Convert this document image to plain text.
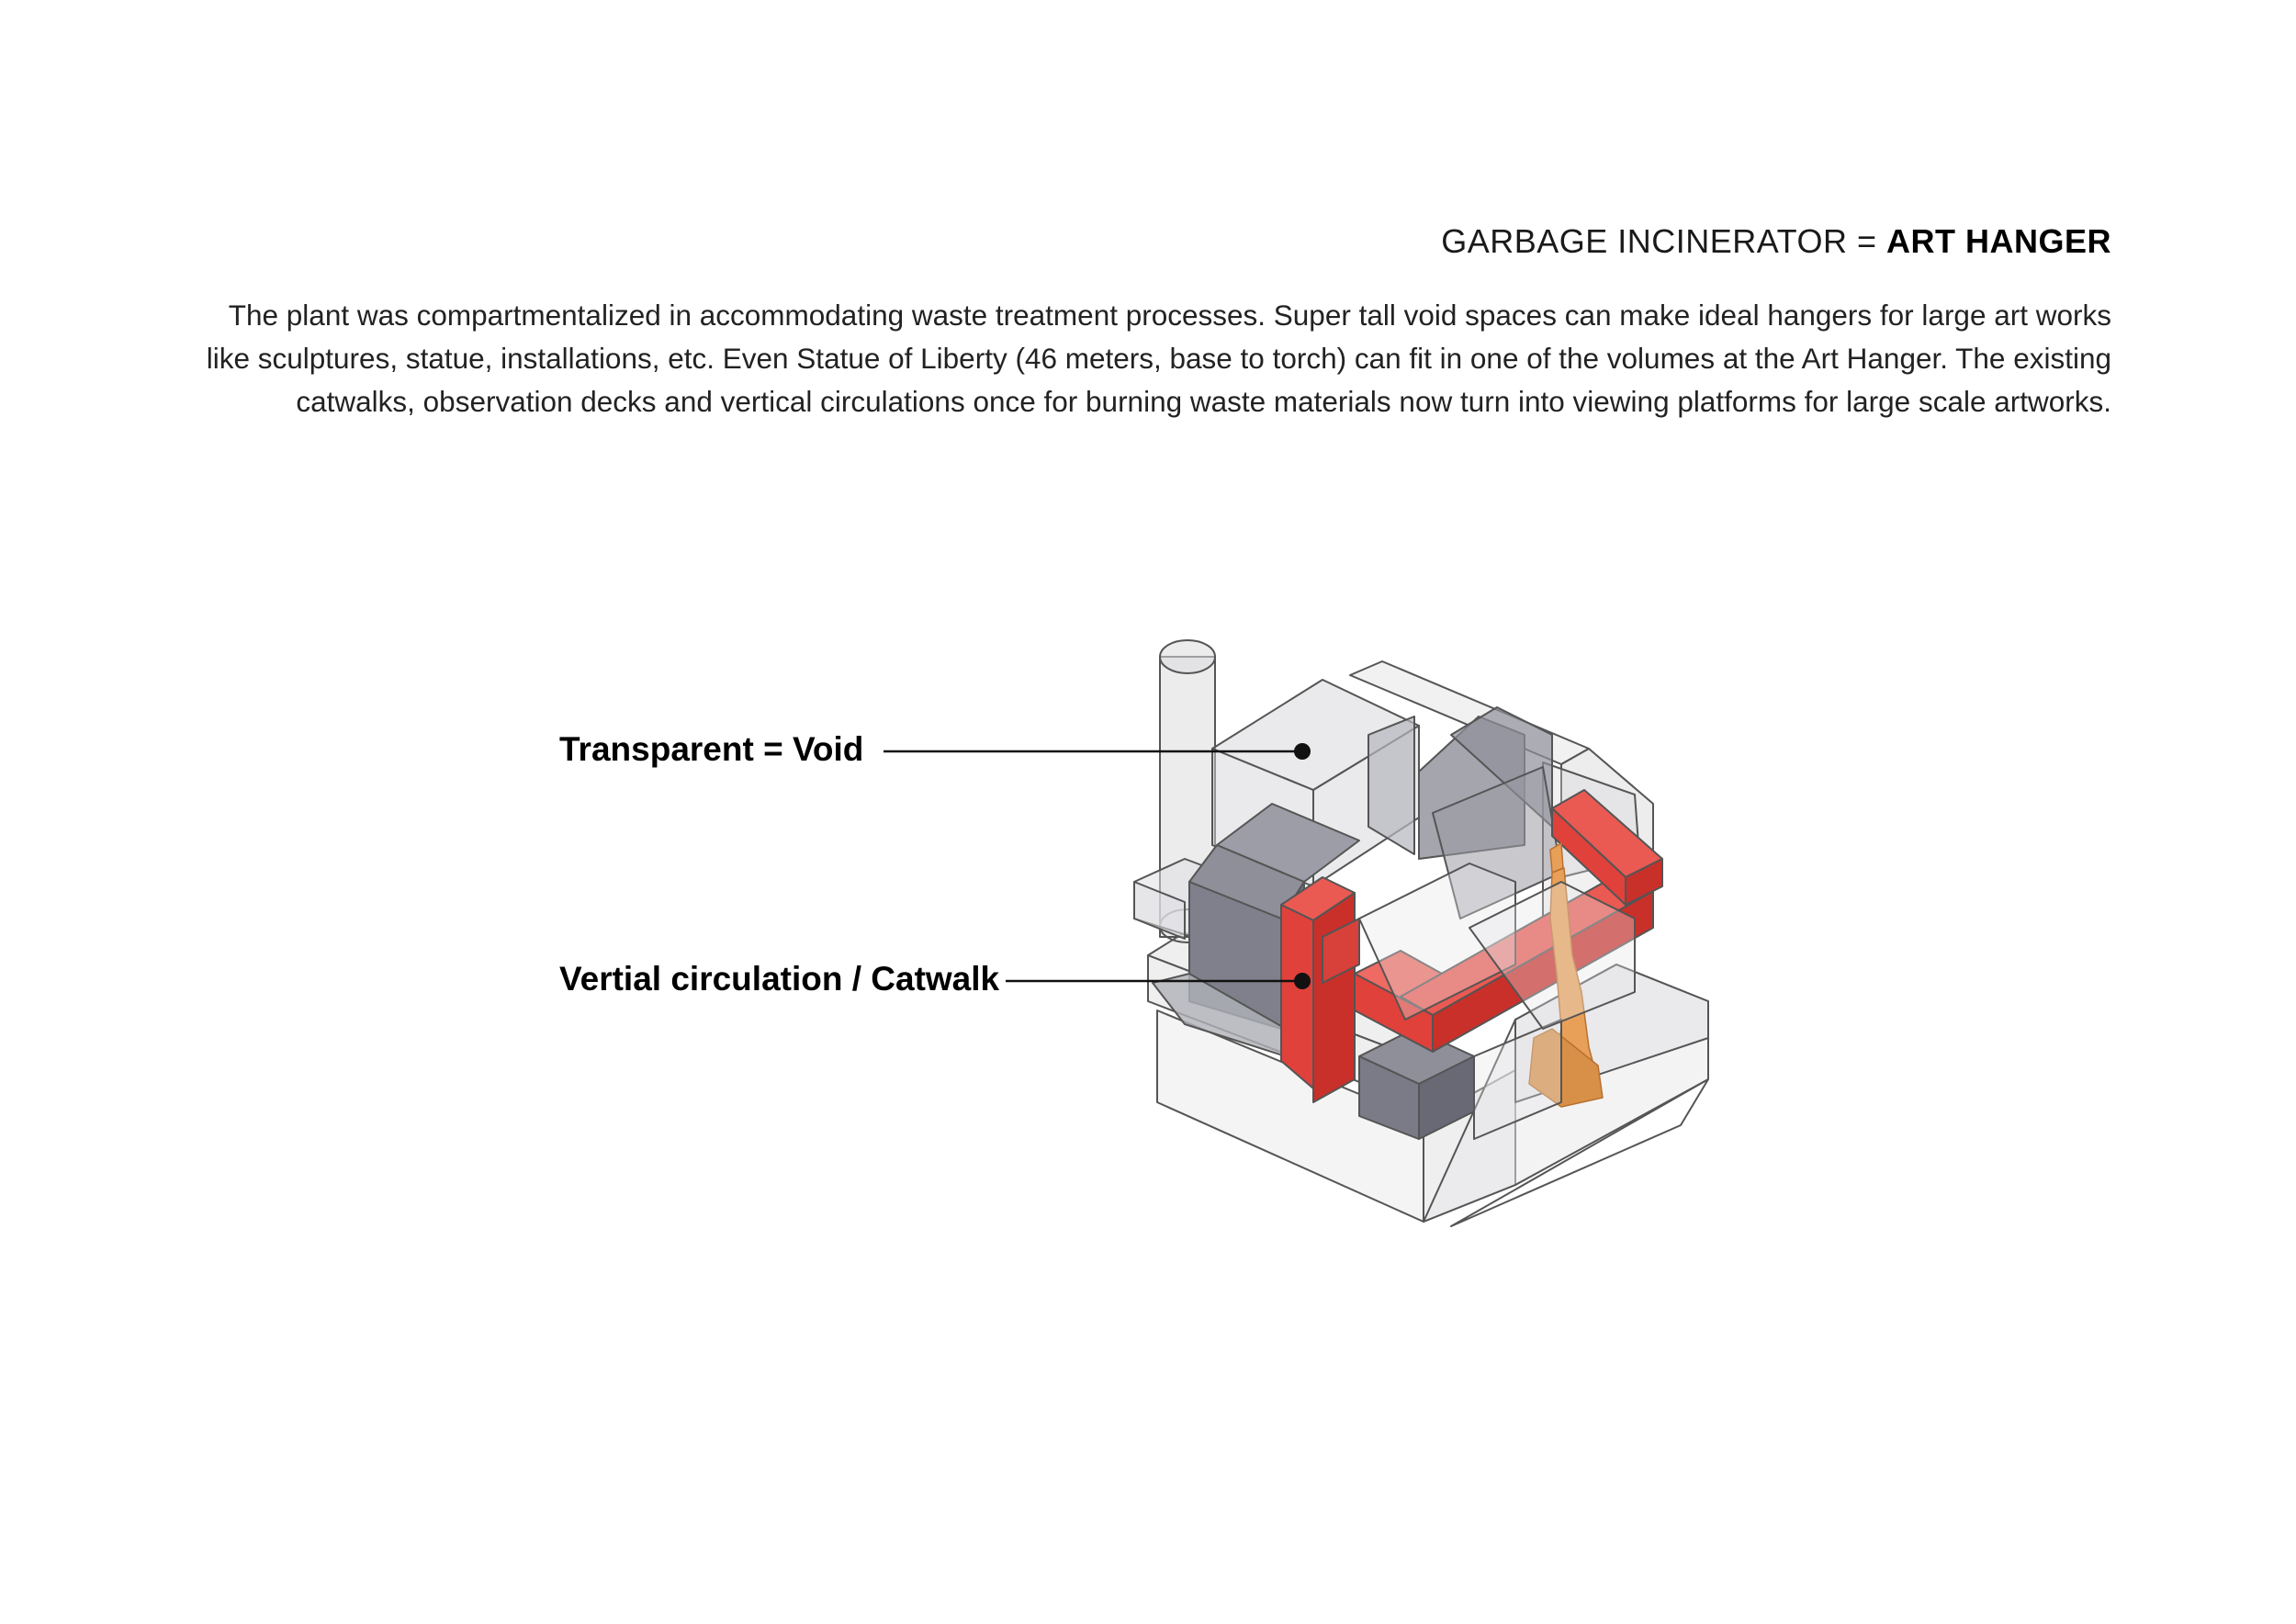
GARBAGE INCINERATOR = ART HANGER
The plant was compartmentalized in accommodating waste treatment processes. Super tall void spaces can make ideal hangers for large art works
like sculptures, statue, installations, etc. Even Statue of Liberty (46 meters, base to torch) can fit in one of the volumes at the Art Hanger. The existing
catwalks, observation decks and vertical circulations once for burning waste materials now turn into viewing platforms for large scale artworks.
Transparent = Void
Vertial circulation / Catwalk
